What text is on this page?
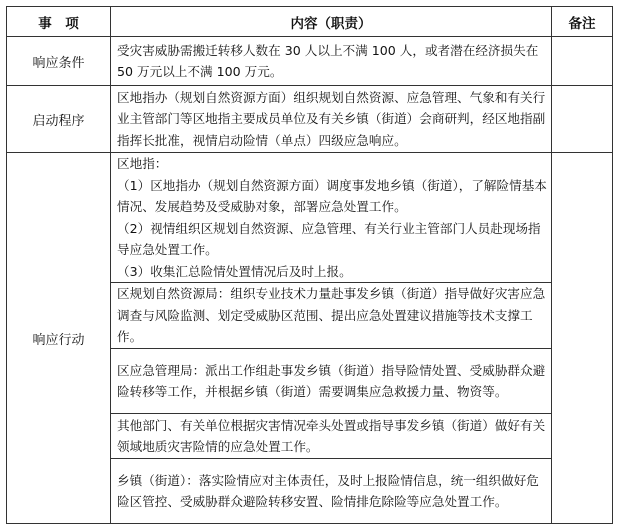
事　项	内容（职责）	备注
响应条件	受灾害威胁需搬迁转移人数在 30 人以上不满 100 人，或者潜在经济损失在 50 万元以上不满 100 万元。	
启动程序	区地指办（规划自然资源方面）组织规划自然资源、应急管理、气象和有关行业主管部门等区地指主要成员单位及有关乡镇（街道）会商研判，经区地指副指挥长批准，视情启动险情（单点）四级应急响应。	
响应行动	区地指：
（1）区地指办（规划自然资源方面）调度事发地乡镇（街道），了解险情基本情况、发展趋势及受威胁对象，部署应急处置工作。
（2）视情组织区规划自然资源、应急管理、有关行业主管部门人员赴现场指导应急处置工作。
（3）收集汇总险情处置情况后及时上报。	

	区规划自然资源局：组织专业技术力量赴事发乡镇（街道）指导做好灾害应急调查与风险监测、划定受威胁区范围、提出应急处置建议措施等技术支撑工作。	
	区应急管理局：派出工作组赴事发乡镇（街道）指导险情处置、受威胁群众避险转移等工作，并根据乡镇（街道）需要调集应急救援力量、物资等。	
	其他部门、有关单位根据灾害情况牵头处置或指导事发乡镇（街道）做好有关领域地质灾害险情的应急处置工作。	
	乡镇（街道）：落实险情应对主体责任，及时上报险情信息，统一组织做好危险区管控、受威胁群众避险转移安置、险情排危除险等应急处置工作。	
